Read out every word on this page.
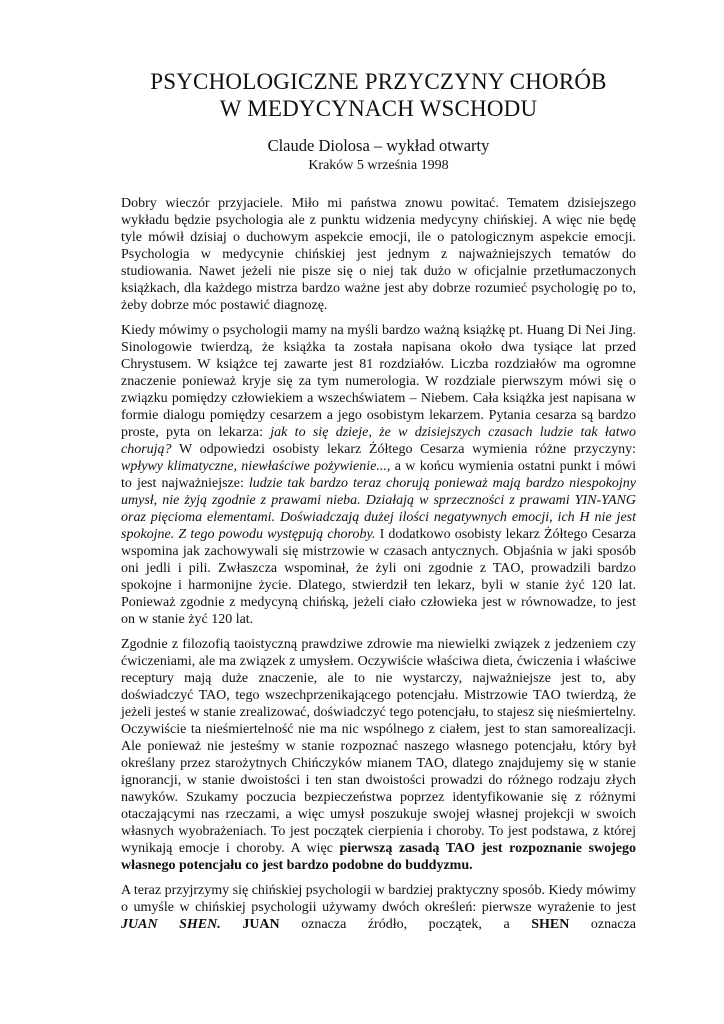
PSYCHOLOGICZNE PRZYCZYNY CHORÓB
W MEDYCYNACH WSCHODU
Claude Diolosa – wykład otwarty
Kraków 5 września 1998

Dobry wieczór przyjaciele. Miło mi państwa znowu powitać. Tematem dzisiejszego wykładu będzie psychologia ale z punktu widzenia medycyny chińskiej. A więc nie będę tyle mówił dzisiaj o duchowym aspekcie emocji, ile o patologicznym aspekcie emocji. Psychologia w medycynie chińskiej jest jednym z najważniejszych tematów do studiowania. Nawet jeżeli nie pisze się o niej tak dużo w oficjalnie przetłumaczonych książkach, dla każdego mistrza bardzo ważne jest aby dobrze rozumieć psychologię po to, żeby dobrze móc postawić diagnozę.

Kiedy mówimy o psychologii mamy na myśli bardzo ważną książkę pt. Huang Di Nei Jing. Sinologowie twierdzą, że książka ta została napisana około dwa tysiące lat przed Chrystusem. W książce tej zawarte jest 81 rozdziałów. Liczba rozdziałów ma ogromne znaczenie ponieważ kryje się za tym numerologia. W rozdziale pierwszym mówi się o związku pomiędzy człowiekiem a wszechświatem – Niebem. Cała książka jest napisana w formie dialogu pomiędzy cesarzem a jego osobistym lekarzem. Pytania cesarza są bardzo proste, pyta on lekarza: jak to się dzieje, że w dzisiejszych czasach ludzie tak łatwo chorują? W odpowiedzi osobisty lekarz Żółtego Cesarza wymienia różne przyczyny: wpływy klimatyczne, niewłaściwe pożywienie..., a w końcu wymienia ostatni punkt i mówi to jest najważniejsze: ludzie tak bardzo teraz chorują ponieważ mają bardzo niespokojny umysł, nie żyją zgodnie z prawami nieba. Działają w sprzeczności z prawami YIN-YANG oraz pięcioma elementami. Doświadczają dużej ilości negatywnych emocji, ich H nie jest spokojne. Z tego powodu występują choroby. I dodatkowo osobisty lekarz Żółtego Cesarza wspomina jak zachowywali się mistrzowie w czasach antycznych. Objaśnia w jaki sposób oni jedli i pili. Zwłaszcza wspominał, że żyli oni zgodnie z TAO, prowadzili bardzo spokojne i harmonijne życie. Dlatego, stwierdził ten lekarz, byli w stanie żyć 120 lat. Ponieważ zgodnie z medycyną chińską, jeżeli ciało człowieka jest w równowadze, to jest on w stanie żyć 120 lat.

Zgodnie z filozofią taoistyczną prawdziwe zdrowie ma niewielki związek z jedzeniem czy ćwiczeniami, ale ma związek z umysłem. Oczywiście właściwa dieta, ćwiczenia i właściwe receptury mają duże znaczenie, ale to nie wystarczy, najważniejsze jest to, aby doświadczyć TAO, tego wszechprzenikającego potencjału. Mistrzowie TAO twierdzą, że jeżeli jesteś w stanie zrealizować, doświadczyć tego potencjału, to stajesz się nieśmiertelny. Oczywiście ta nieśmiertelność nie ma nic wspólnego z ciałem, jest to stan samorealizacji. Ale ponieważ nie jesteśmy w stanie rozpoznać naszego własnego potencjału, który był określany przez starożytnych Chińczyków mianem TAO, dlatego znajdujemy się w stanie ignorancji, w stanie dwoistości i ten stan dwoistości prowadzi do różnego rodzaju złych nawyków. Szukamy poczucia bezpieczeństwa poprzez identyfikowanie się z różnymi otaczającymi nas rzeczami, a więc umysł poszukuje swojej własnej projekcji w swoich własnych wyobrażeniach. To jest początek cierpienia i choroby. To jest podstawa, z której wynikają emocje i choroby. A więc pierwszą zasadą TAO jest rozpoznanie swojego własnego potencjału co jest bardzo podobne do buddyzmu.

A teraz przyjrzymy się chińskiej psychologii w bardziej praktyczny sposób. Kiedy mówimy o umyśle w chińskiej psychologii używamy dwóch określeń: pierwsze wyrażenie to jest JUAN SHEN. JUAN oznacza źródło, początek, a SHEN oznacza
